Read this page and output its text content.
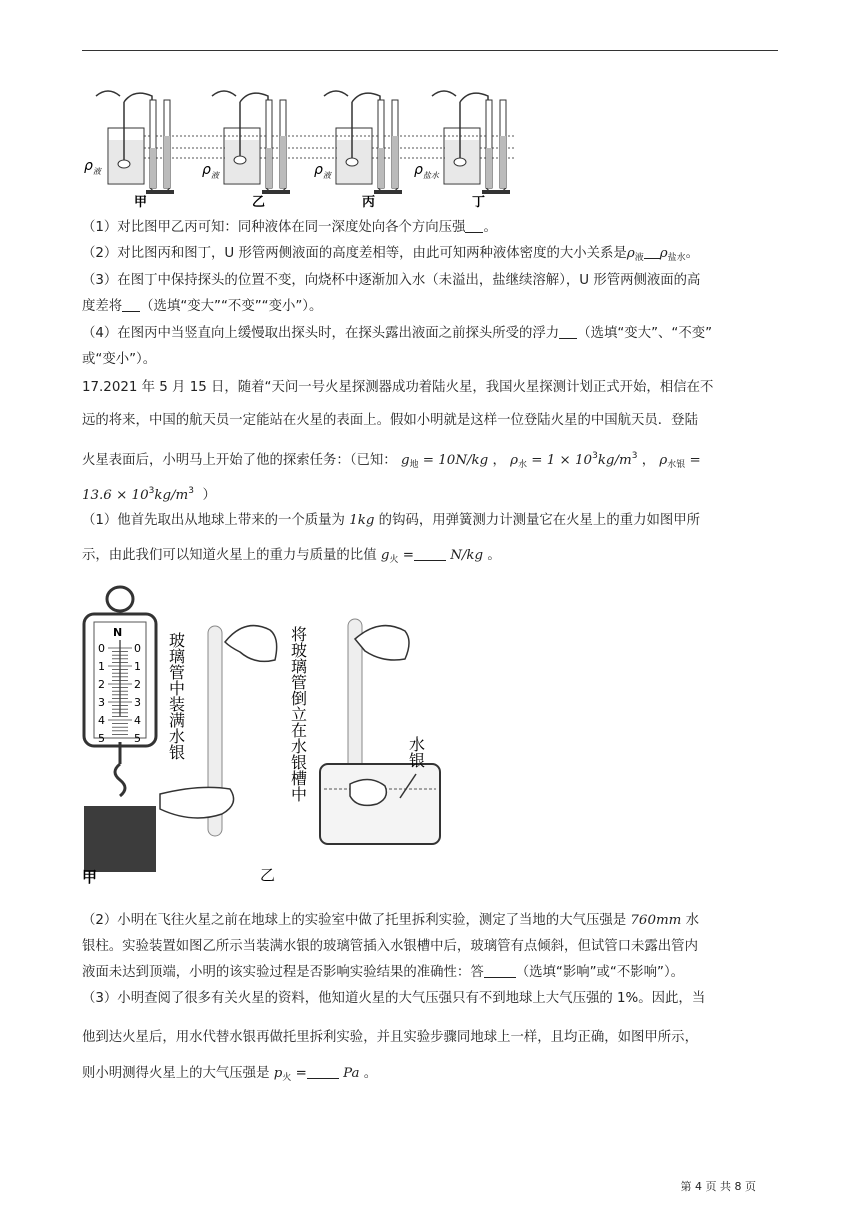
甲	乙	丙	丁
$\rho_液$	$\rho_液$	$\rho_液$	$\rho_{盐水}$
（1）对比图甲乙丙可知：同种液体在同一深度处向各个方向压强 。
（2）对比图丙和图丁，U 形管两侧液面的高度差相等，由此可知两种液体密度的大小关系是$\rho_液$ $\rho_{盐水}$。
（3）在图丁中保持探头的位置不变，向烧杯中逐渐加入水（未溢出，盐继续溶解），U 形管两侧液面的高
度差将 （选填“变大”“不变”“变小”）。
（4）在图丙中当竖直向上缓慢取出探头时，在探头露出液面之前探头所受的浮力 （选填“变大”、“不变”
或“变小”）。
17.2021 年 5 月 15 日，随着“天问一号火星探测器成功着陆火星，我国火星探测计划正式开始，相信在不
远的将来，中国的航天员一定能站在火星的表面上。假如小明就是这样一位登陆火星的中国航天员．登陆
火星表面后，小明马上开始了他的探索任务：（已知： $g_地 = 10N/kg$ ， $\rho_水 = 1 \times 10^3kg/m^3$ ， $\rho_{水银}$ =
$13.6 \times 10^3kg/m^3$ ）
（1）他首先取出从地球上带来的一个质量为 1kg 的钩码，用弹簧测力计测量它在火星上的重力如图甲所
示，由此我们可以知道火星上的重力与质量的比值 $g_火$ =	N/kg 。
N
0	0
1	1
2	2
3	3
4	4
5	5
甲
玻璃管中装满水银
乙
将玻璃管倒立在水银槽中	水银
（2）小明在飞往火星之前在地球上的实验室中做了托里拆利实验，测定了当地的大气压强是 760mm 水
银柱。实验装置如图乙所示当装满水银的玻璃管插入水银槽中后，玻璃管有点倾斜，但试管口未露出管内
液面未达到顶端，小明的该实验过程是否影响实验结果的准确性：答 （选填“影响”或“不影响”）。
（3）小明查阅了很多有关火星的资料，他知道火星的大气压强只有不到地球上大气压强的 1%。因此，当
他到达火星后，用水代替水银再做托里拆利实验，并且实验步骤同地球上一样，且均正确，如图甲所示，
则小明测得火星上的大气压强是 $p_火$ =	Pa 。
第 4 页 共 8 页
